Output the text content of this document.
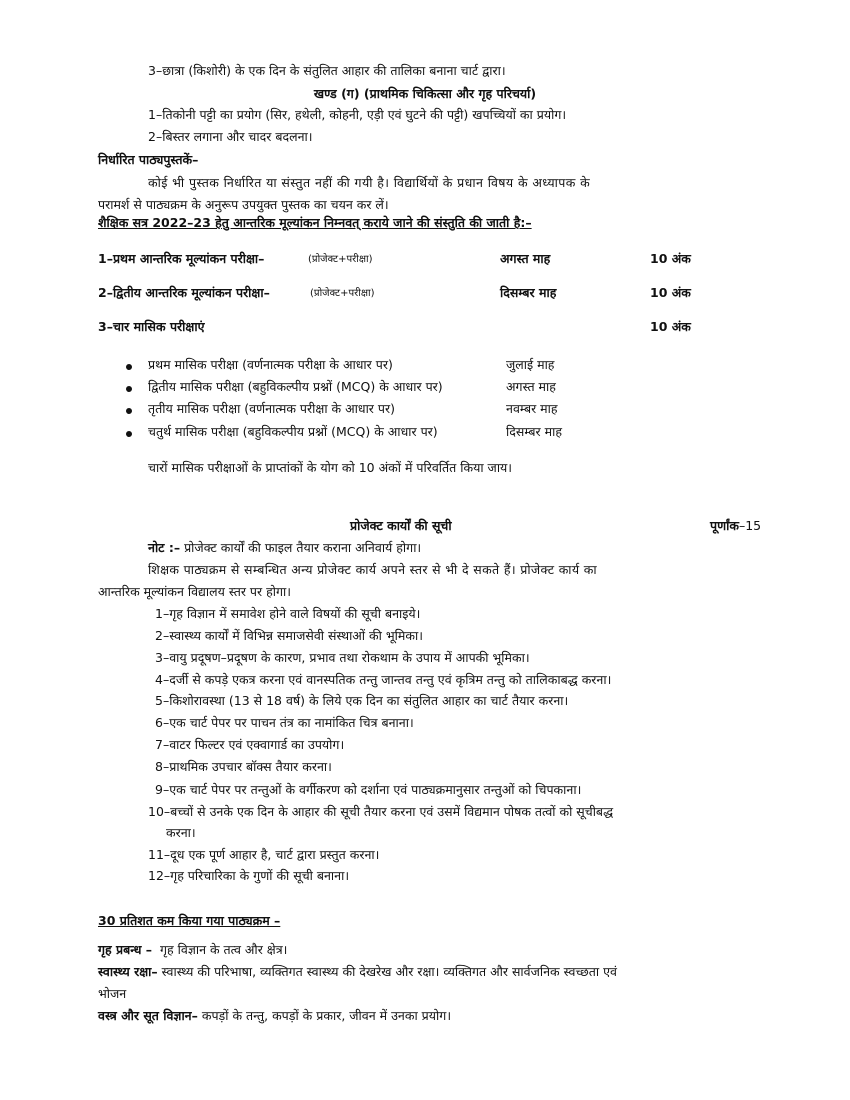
3–छात्रा (किशोरी) के एक दिन के संतुलित आहार की तालिका बनाना चार्ट द्वारा।
खण्ड (ग) (प्राथमिक चिकित्सा और गृह परिचर्या)
1–तिकोनी पट्टी का प्रयोग (सिर, हथेली, कोहनी, एड़ी एवं घुटने की पट्टी) खपच्चियों का प्रयोग।
2–बिस्तर लगाना और चादर बदलना।
निर्धारित पाठ्यपुस्तकें–
कोई भी पुस्तक निर्धारित या संस्तुत नहीं की गयी है। विद्यार्थियों के प्रधान विषय के अध्यापक के
परामर्श से पाठ्यक्रम के अनुरूप उपयुक्त पुस्तक का चयन कर लें।
शैक्षिक सत्र 2022–23 हेतु आन्तरिक मूल्यांकन निम्नवत् कराये जाने की संस्तुति की जाती है:–
1–प्रथम आन्तरिक मूल्यांकन परीक्षा–	(प्रोजेक्ट+परीक्षा)	अगस्त माह	10 अंक
2–द्वितीय आन्तरिक मूल्यांकन परीक्षा–	(प्रोजेक्ट+परीक्षा)	दिसम्बर माह	10 अंक
3–चार मासिक परीक्षाएं	10 अंक
प्रथम मासिक परीक्षा (वर्णनात्मक परीक्षा के आधार पर)	जुलाई माह
द्वितीय मासिक परीक्षा (बहुविकल्पीय प्रश्नों (MCQ) के आधार पर)	अगस्त माह
तृतीय मासिक परीक्षा (वर्णनात्मक परीक्षा के आधार पर)	नवम्बर माह
चतुर्थ मासिक परीक्षा (बहुविकल्पीय प्रश्नों (MCQ) के आधार पर)	दिसम्बर माह
चारों मासिक परीक्षाओं के प्राप्तांकों के योग को 10 अंकों में परिवर्तित किया जाय।
प्रोजेक्ट कार्यों की सूची	पूर्णांक–15
नोट :– प्रोजेक्ट कार्यों की फाइल तैयार कराना अनिवार्य होगा।
शिक्षक पाठ्यक्रम से सम्बन्धित अन्य प्रोजेक्ट कार्य अपने स्तर से भी दे सकते हैं। प्रोजेक्ट कार्य का
आन्तरिक मूल्यांकन विद्यालय स्तर पर होगा।
1–गृह विज्ञान में समावेश होने वाले विषयों की सूची बनाइये।
2–स्वास्थ्य कार्यों में विभिन्न समाजसेवी संस्थाओं की भूमिका।
3–वायु प्रदूषण–प्रदूषण के कारण, प्रभाव तथा रोकथाम के उपाय में आपकी भूमिका।
4–दर्जी से कपड़े एकत्र करना एवं वानस्पतिक तन्तु जान्तव तन्तु एवं कृत्रिम तन्तु को तालिकाबद्ध करना।
5–किशोरावस्था (13 से 18 वर्ष) के लिये एक दिन का संतुलित आहार का चार्ट तैयार करना।
6–एक चार्ट पेपर पर पाचन तंत्र का नामांकित चित्र बनाना।
7–वाटर फिल्टर एवं एक्वागार्ड का उपयोग।
8–प्राथमिक उपचार बॉक्स तैयार करना।
9–एक चार्ट पेपर पर तन्तुओं के वर्गीकरण को दर्शाना एवं पाठ्यक्रमानुसार तन्तुओं को चिपकाना।
10–बच्चों से उनके एक दिन के आहार की सूची तैयार करना एवं उसमें विद्यमान पोषक तत्वों को सूचीबद्ध
करना।
11–दूध एक पूर्ण आहार है, चार्ट द्वारा प्रस्तुत करना।
12–गृह परिचारिका के गुणों की सूची बनाना।
30 प्रतिशत कम किया गया पाठ्यक्रम –
गृह प्रबन्ध – गृह विज्ञान के तत्व और क्षेत्र।
स्वास्थ्य रक्षा– स्वास्थ्य की परिभाषा, व्यक्तिगत स्वास्थ्य की देखरेख और रक्षा। व्यक्तिगत और सार्वजनिक स्वच्छता एवं
भोजन
वस्त्र और सूत विज्ञान– कपड़ों के तन्तु, कपड़ों के प्रकार, जीवन में उनका प्रयोग।
